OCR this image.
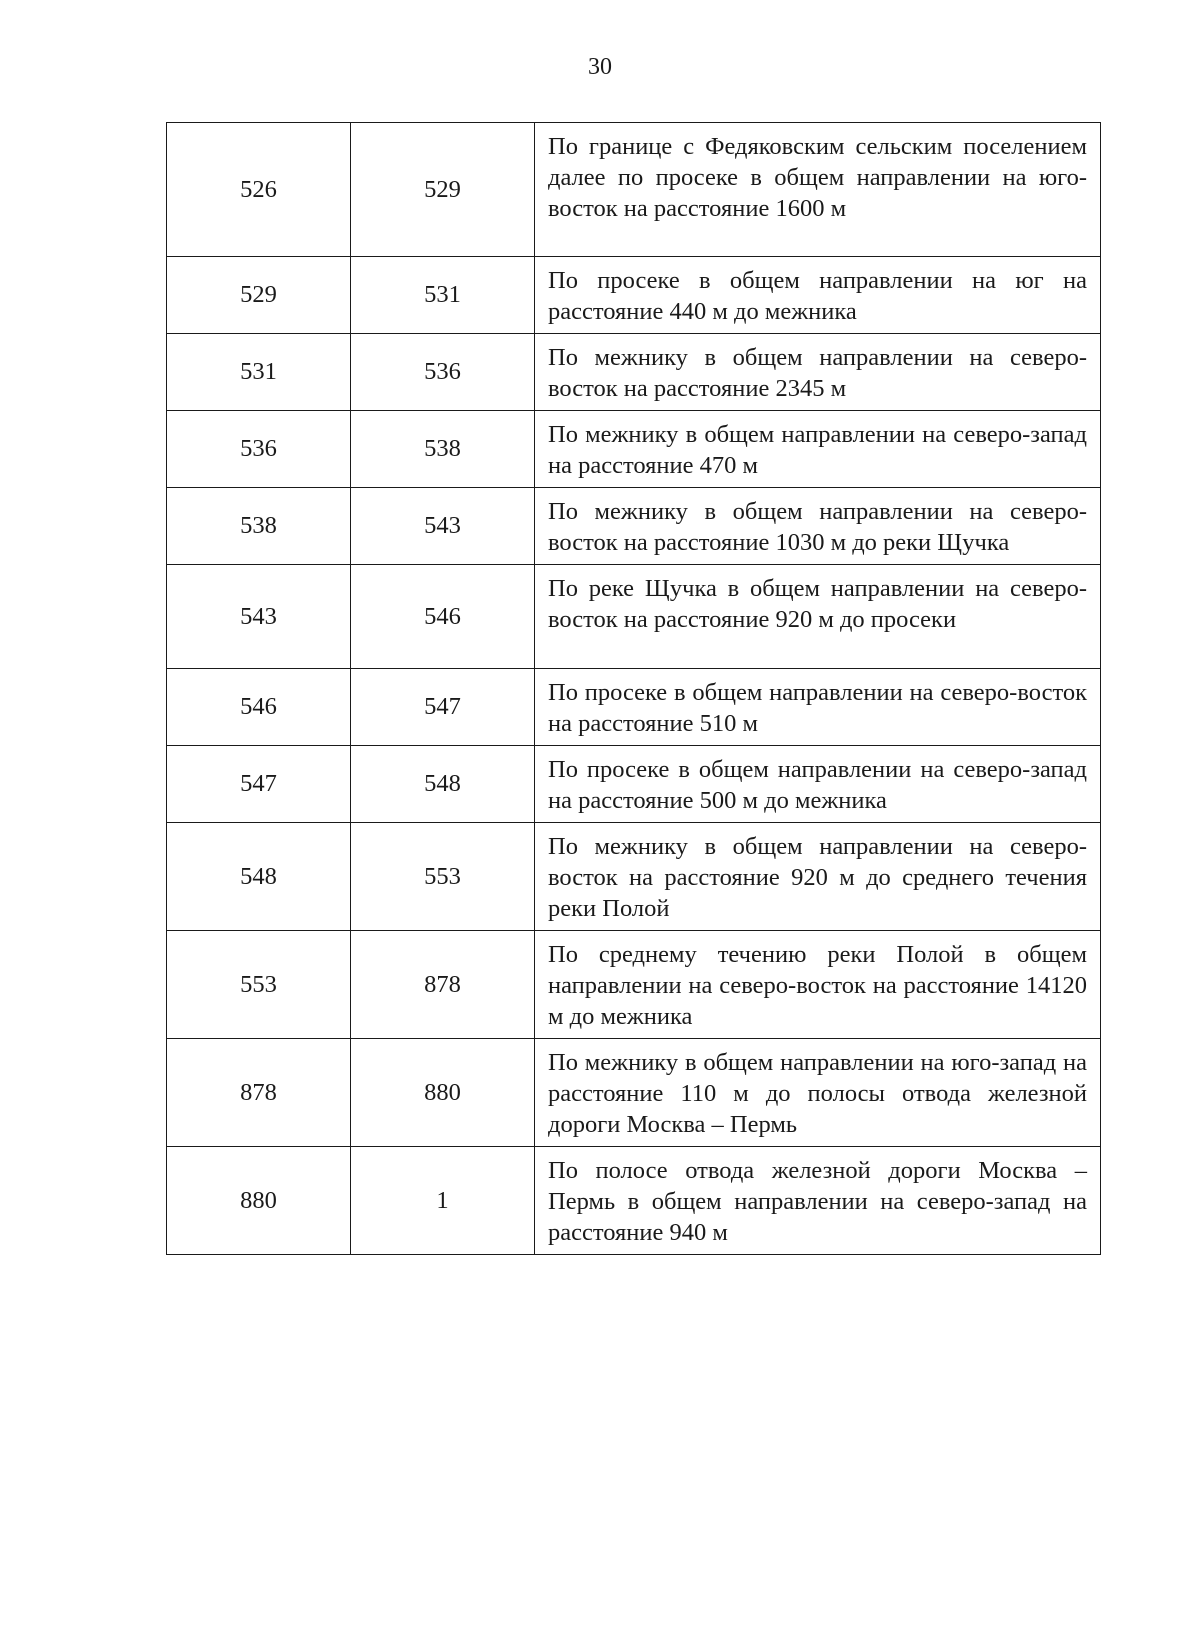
30
526	529	По границе с Федяковским сельским поселением далее по просеке в общем направлении на юго-восток на расстояние 1600 м
529	531	По просеке в общем направлении на юг на расстояние 440 м до межника
531	536	По межнику в общем направлении на северо-восток на расстояние 2345 м
536	538	По межнику в общем направлении на северо-запад на расстояние 470 м
538	543	По межнику в общем направлении на северо-восток на расстояние 1030 м до реки Щучка
543	546	По реке Щучка в общем направлении на северо-восток на расстояние 920 м до просеки
546	547	По просеке в общем направлении на северо-восток на расстояние 510 м
547	548	По просеке в общем направлении на северо-запад на расстояние 500 м до межника
548	553	По межнику в общем направлении на северо-восток на расстояние 920 м до среднего течения реки Полой
553	878	По среднему течению реки Полой в общем направлении на северо-восток на расстояние 14120 м до межника
878	880	По межнику в общем направлении на юго-запад на расстояние 110 м до полосы отвода железной дороги Москва – Пермь
880	1	По полосе отвода железной дороги Москва – Пермь в общем направлении на северо-запад на расстояние 940 м
